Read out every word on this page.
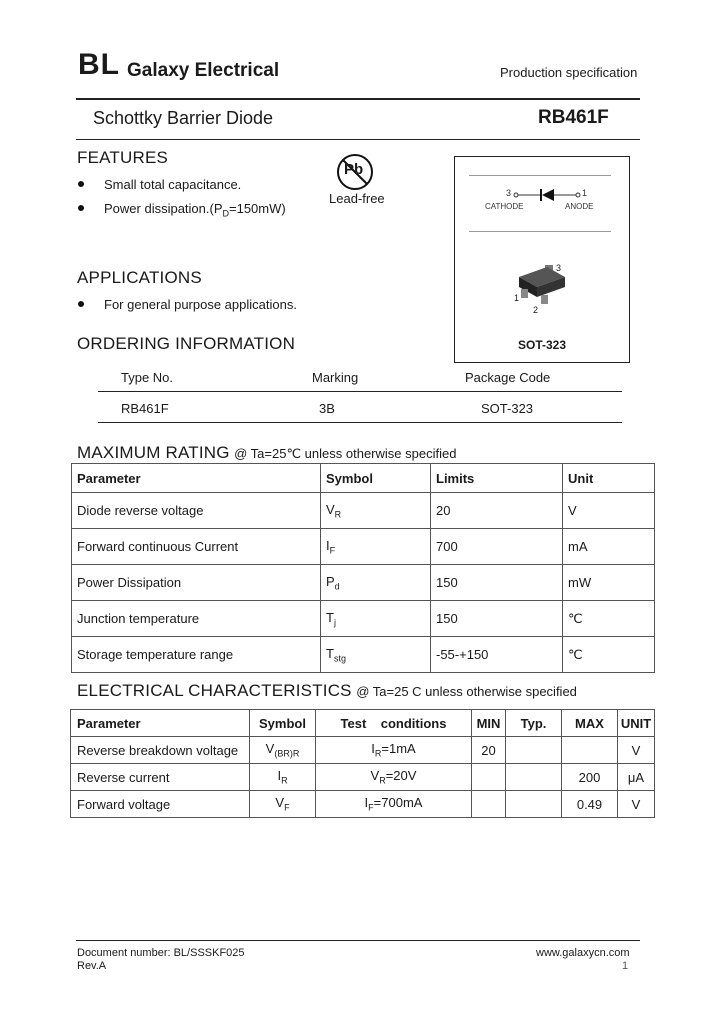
BL Galaxy Electrical	Production specification
Schottky Barrier Diode	RB461F
FEATURES
Small total capacitance.
Power $dissipation.(P_D=150mW)$
Pb
Lead-free	3	1
CATHODE	ANODE
3
2
1
SOT-323
APPLICATIONS
For general purpose applications.
ORDERING INFORMATION
Type No.	Marking	Package Code
RB461F	3B	SOT-323
MAXIMUM RATING @ Ta=25℃ unless otherwise specified
Parameter	Symbol	Limits	Unit
Diode reverse voltage	$V_R$	20	V
Forward continuous Current	$I_F$	700	mA
Power Dissipation	$P_d$	150	mW
Junction temperature	$T_j$	150	℃
Storage temperature range	$T_{stg}$	-55-+150	℃
ELECTRICAL CHARACTERISTICS @ Ta=25 C unless otherwise specified
Parameter	Symbol	Test    conditions	MIN	Typ.	MAX	UNIT
Reverse breakdown voltage	$V_{(BR)R}$	$I_R=1mA$	20			V
Reverse current	$I_R$	$V_R=20V$			200	μA
Forward voltage	$V_F$	$I_F=700mA$			0.49	V
Document number: BL/SSSKF025
Rev.A
www.galaxycn.com
1
